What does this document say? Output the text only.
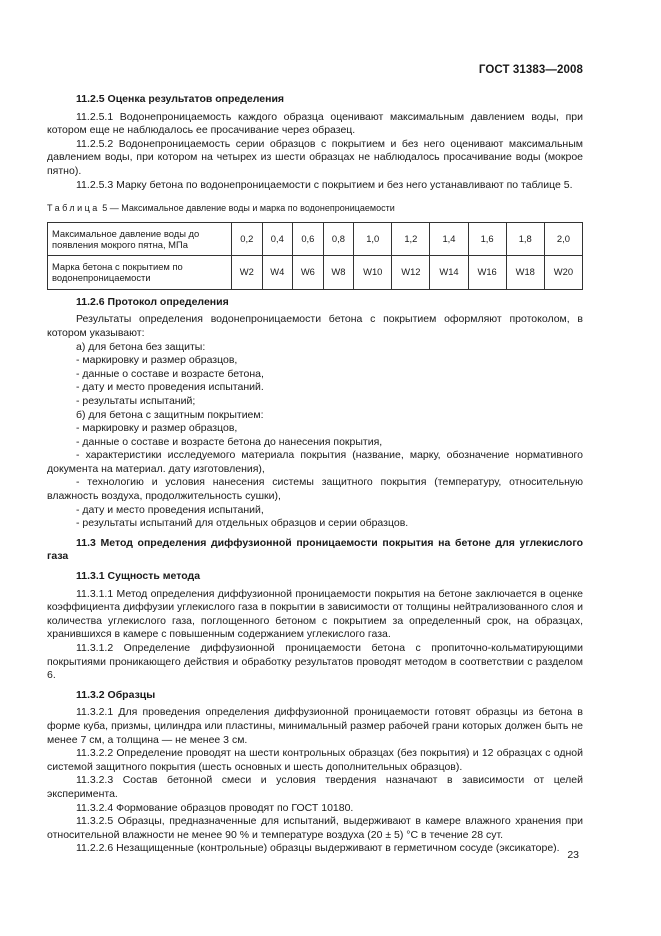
ГОСТ 31383—2008

11.2.5 Оценка результатов определения

11.2.5.1 Водонепроницаемость каждого образца оценивают максимальным давлением воды, при котором еще не наблюдалось ее просачивание через образец.

11.2.5.2 Водонепроницаемость серии образцов с покрытием и без него оценивают максимальным давлением воды, при котором на четырех из шести образцах не наблюдалось просачивание воды (мокрое пятно).

11.2.5.3 Марку бетона по водонепроницаемости с покрытием и без него устанавливают по таблице 5.

Таблица 5 — Максимальное давление воды и марка по водонепроницаемости
Максимальное давление воды до появления мокрого пятна, МПа	0,2	0,4	0,6	0,8	1,0	1,2	1,4	1,6	1,8	2,0
Марка бетона с покрытием по водонепроницаемости	W2	W4	W6	W8	W10	W12	W14	W16	W18	W20

11.2.6 Протокол определения

Результаты определения водонепроницаемости бетона с покрытием оформляют протоколом, в котором указывают:

а) для бетона без защиты:

- маркировку и размер образцов,

- данные о составе и возрасте бетона,

- дату и место проведения испытаний.

- результаты испытаний;

б) для бетона с защитным покрытием:

- маркировку и размер образцов,

- данные о составе и возрасте бетона до нанесения покрытия,

- характеристики исследуемого материала покрытия (название, марку, обозначение нормативного документа на материал. дату изготовления),

- технологию и условия нанесения системы защитного покрытия (температуру, относительную влажность воздуха, продолжительность сушки),

- дату и место проведения испытаний,

- результаты испытаний для отдельных образцов и серии образцов.

11.3 Метод определения диффузионной проницаемости покрытия на бетоне для углекислого газа

11.3.1 Сущность метода

11.3.1.1 Метод определения диффузионной проницаемости покрытия на бетоне заключается в оценке коэффициента диффузии углекислого газа в покрытии в зависимости от толщины нейтрализованного слоя и количества углекислого газа, поглощенного бетоном с покрытием за определенный срок, на образцах, хранившихся в камере с повышенным содержанием углекислого газа.

11.3.1.2 Определение диффузионной проницаемости бетона с пропиточно-кольматирующими покрытиями проникающего действия и обработку результатов проводят методом в соответствии с разделом 6.

11.3.2 Образцы

11.3.2.1 Для проведения определения диффузионной проницаемости готовят образцы из бетона в форме куба, призмы, цилиндра или пластины, минимальный размер рабочей грани которых должен быть не менее 7 см, а толщина — не менее 3 см.

11.3.2.2 Определение проводят на шести контрольных образцах (без покрытия) и 12 образцах с одной системой защитного покрытия (шесть основных и шесть дополнительных образцов).

11.3.2.3 Состав бетонной смеси и условия твердения назначают в зависимости от целей эксперимента.

11.3.2.4 Формование образцов проводят по ГОСТ 10180.

11.3.2.5 Образцы, предназначенные для испытаний, выдерживают в камере влажного хранения при относительной влажности не менее 90 % и температуре воздуха (20 ± 5) °С в течение 28 сут.

11.2.2.6 Незащищенные (контрольные) образцы выдерживают в герметичном сосуде (эксикаторе).

23
